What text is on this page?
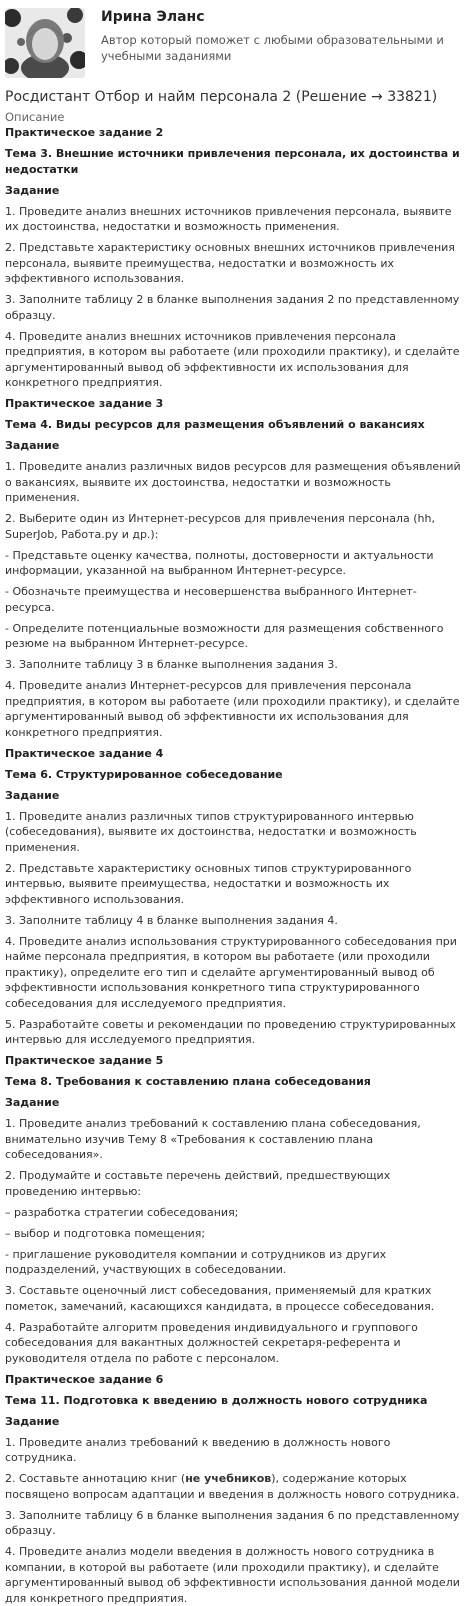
Ирина Эланс
Автор который поможет с любыми образовательными и учебными заданиями
Росдистант Отбор и найм персонала 2 (Решение → 33821)
Описание

Практическое задание 2

Тема 3. Внешние источники привлечения персонала, их достоинства и недостатки

Задание

1. Проведите анализ внешних источников привлечения персонала, выявите их достоинства, недостатки и возможность применения.

2. Представьте характеристику основных внешних источников привлечения персонала, выявите преимущества, недостатки и возможность их эффективного использования.

3. Заполните таблицу 2 в бланке выполнения задания 2 по представленному образцу.

4. Проведите анализ внешних источников привлечения персонала предприятия, в котором вы работаете (или проходили практику), и сделайте аргументированный вывод об эффективности их использования для конкретного предприятия.

Практическое задание 3

Тема 4. Виды ресурсов для размещения объявлений о вакансиях

Задание

1. Проведите анализ различных видов ресурсов для размещения объявлений о вакансиях, выявите их достоинства, недостатки и возможность применения.

2. Выберите один из Интернет-ресурсов для привлечения персонала (hh, SuperJob, Работа.ру и др.):

- Представьте оценку качества, полноты, достоверности и актуальности информации, указанной на выбранном Интернет-ресурсе.

- Обозначьте преимущества и несовершенства выбранного Интернет-ресурса.

- Определите потенциальные возможности для размещения собственного резюме на выбранном Интернет-ресурсе.

3. Заполните таблицу 3 в бланке выполнения задания 3.

4. Проведите анализ Интернет-ресурсов для привлечения персонала предприятия, в котором вы работаете (или проходили практику), и сделайте аргументированный вывод об эффективности их использования для конкретного предприятия.

Практическое задание 4

Тема 6. Структурированное собеседование

Задание

1. Проведите анализ различных типов структурированного интервью (собеседования), выявите их достоинства, недостатки и возможность применения.

2. Представьте характеристику основных типов структурированного интервью, выявите преимущества, недостатки и возможность их эффективного использования.

3. Заполните таблицу 4 в бланке выполнения задания 4.

4. Проведите анализ использования структурированного собеседования при найме персонала предприятия, в котором вы работаете (или проходили практику), определите его тип и сделайте аргументированный вывод об эффективности использования конкретного типа структурированного собеседования для исследуемого предприятия.

5. Разработайте советы и рекомендации по проведению структурированных интервью для исследуемого предприятия.

Практическое задание 5

Тема 8. Требования к составлению плана собеседования

Задание

1. Проведите анализ требований к составлению плана собеседования, внимательно изучив Тему 8 «Требования к составлению плана собеседования».

2. Продумайте и составьте перечень действий, предшествующих проведению интервью:

– разработка стратегии собеседования;

– выбор и подготовка помещения;

- приглашение руководителя компании и сотрудников из других подразделений, участвующих в собеседовании.

3. Составьте оценочный лист собеседования, применяемый для кратких пометок, замечаний, касающихся кандидата, в процессе собеседования.

4. Разработайте алгоритм проведения индивидуального и группового собеседования для вакантных должностей секретаря-референта и руководителя отдела по работе с персоналом.

Практическое задание 6

Тема 11. Подготовка к введению в должность нового сотрудника

Задание

1. Проведите анализ требований к введению в должность нового сотрудника.

2. Составьте аннотацию книг (не учебников), содержание которых посвящено вопросам адаптации и введения в должность нового сотрудника.

3. Заполните таблицу 6 в бланке выполнения задания 6 по представленному образцу.

4. Проведите анализ модели введения в должность нового сотрудника в компании, в которой вы работаете (или проходили практику), и сделайте аргументированный вывод об эффективности использования данной модели для конкретного предприятия.
